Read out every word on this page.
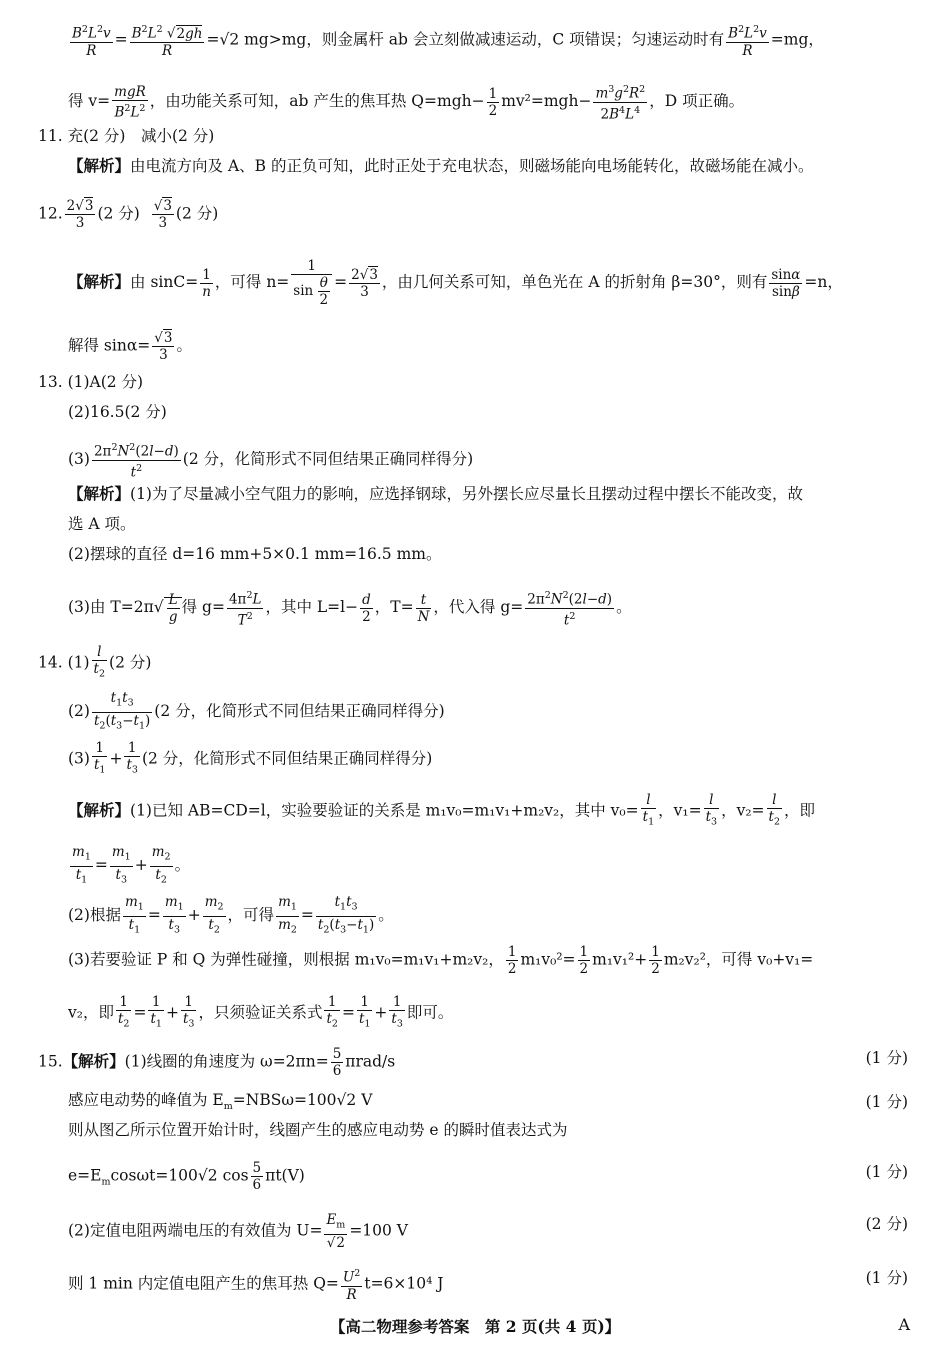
$\frac{B^2L^2v}{R} = \frac{B^2L^2 √2gh}{R} =√2$ mg>mg，则金属杆 ab 会立刻做减速运动，C 项错误；匀速运动时有 $\frac{B^2L^2v}{R} =mg$，
得 v=
mgR
$B^2L^2$ ，由功能关系可知，ab 产生的焦耳热 $Q=mgh- \frac{1}{2} mv^2=mgh- \frac{m^3g^2R^2}{2B^4L^4}$ ，D 项正确。
11. 充(2 分)　减小(2 分)
【解析】由电流方向及 A、B 的正负可知，此时正处于充电状态，则磁场能向电场能转化，故磁场能在减小。
12. $\frac{2√3}{3} (2$ 分) $\frac{√3}{3} (2$ 分)
【解析】由 $\sin C= \frac{1}{n}$ ，可得 $n= \frac{1}{\sin \frac{\theta}{2}} = \frac{2√3}{3}$ ，由几何关系可知，单色光在 A 的折射角 β=30°，则有 $\frac{\sin\alpha}{\sin\beta} =n$，
解得 $\sin\alpha= \frac{√3}{3}$ 。
13. (1)A(2 分)
(2)16.5(2 分)
$(3) \frac{2\pi^2N^2(2l-d)}{t^2} (2$ 分，化简形式不同但结果正确同样得分)
【解析】(1)为了尽量减小空气阻力的影响，应选择钢球，另外摆长应尽量长且摆动过程中摆长不能改变，故
选 A 项。
(2)摆球的直径 d=16 mm+5×0.1 mm=16.5 mm。
(3)由 $T=2\pi√ \frac{L}{g}$ 得 $g= \frac{4\pi^2L}{T^2}$ ，其中 $L=l- \frac{d}{2}$ ，$T= \frac{t}{N}$ ，代入得 $g= \frac{2\pi^2N^2(2l-d)}{t^2}$ 。
14. $(1) \frac{l}{t_2} (2$ 分)
$(2) \frac{t_1t_3}{t_2(t_3-t_1)} (2$ 分，化简形式不同但结果正确同样得分)
$(3) \frac{1}{t_1} + \frac{1}{t_3} (2$ 分，化简形式不同但结果正确同样得分)
【解析】(1)已知 AB=CD=l，实验要验证的关系是 m₁v₀=m₁v₁+m₂v₂，其中 $v_0= \frac{l}{t_1}$ ，$v_1= \frac{l}{t_3}$ ，$v_2= \frac{l}{t_2}$ ，即
$\frac{m_1}{t_1} = \frac{m_1}{t_3} + \frac{m_2}{t_2}$ 。
(2)根据 $\frac{m_1}{t_1} = \frac{m_1}{t_3} + \frac{m_2}{t_2}$ ，可得 $\frac{m_1}{m_2} = \frac{t_1t_3}{t_2(t_3-t_1)}$ 。
(3)若要验证 P 和 Q 为弹性碰撞，则根据 m₁v₀=m₁v₁+m₂v₂， $\frac{1}{2} m_1v_0^2= \frac{1}{2} m_1v_1^2+ \frac{1}{2} m_2v_2^2$，可得 v₀+v₁=
v₂，即 $\frac{1}{t_2} = \frac{1}{t_1} + \frac{1}{t_3}$ ，只须验证关系式 $\frac{1}{t_2} = \frac{1}{t_1} + \frac{1}{t_3}$ 即可。
15.【解析】(1)线圈的角速度为 $\omega=2\pi n= \frac{5}{6} \pi rad/s$	(1 分)
感应电动势的峰值为 $E_m=NBS\omega=100√2$ V	(1 分)
则从图乙所示位置开始计时，线圈产生的感应电动势 e 的瞬时值表达式为
$e=E_m\cos\omega t=100√2$ $\cos \frac{5}{6} \pi t(V)$	(1 分)
(2)定值电阻两端电压的有效值为 $U= \frac{E_m}{√2} =100$ V	(2 分)
则 1 min 内定值电阻产生的焦耳热 $Q= \frac{U^2}{R} t=6\times 10^4$ J	(1 分)
【高二物理参考答案　第 2 页(共 4 页)】	A
